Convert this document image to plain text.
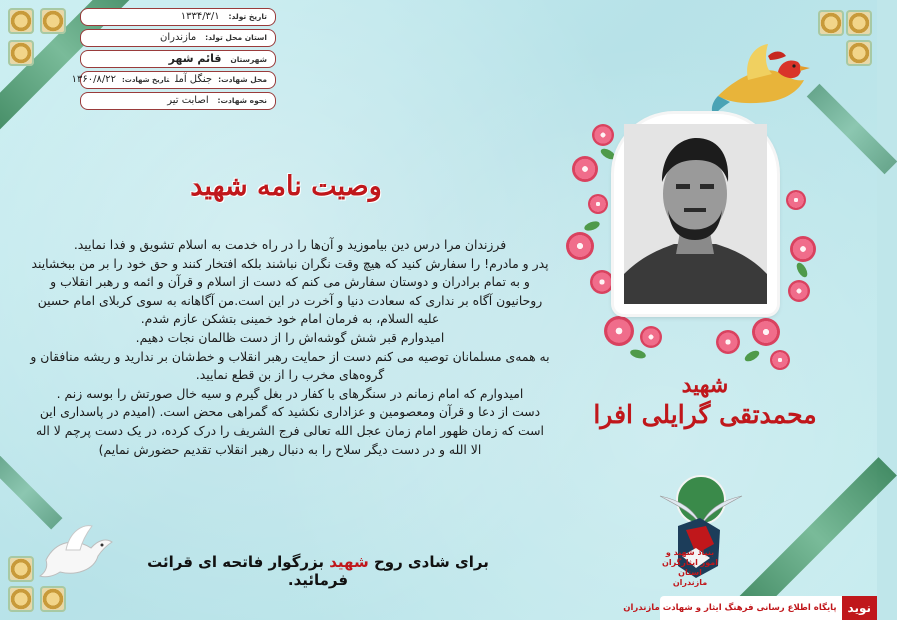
تاریخ تولد: ۱۳۳۴/۳/۱
استان محل تولد: مازندران
شهرستان قائم شهر
محل شهادت:جنگل آملتاریخ شهادت:۱۳۶۰/۸/۲۲
نحوه شهادت: اصابت تیر
وصیت نامه شهید

فرزندان مرا درس دین بیاموزید و آن‌ها را در راه خدمت به اسلام تشویق و فدا نمایید.

پدر و مادرم! را سفارش کنید که هیچ وقت نگران نباشند بلکه افتخار کنند و حق خود را بر من ببخشایند و به تمام برادران و دوستان سفارش می کنم که دست از اسلام و قرآن و ائمه و رهبر انقلاب و روحانیون آگاه بر ندارى که سعادت دنیا و آخرت در این است.من آگاهانه به سوی کربلای امام حسین علیه السلام، به فرمان امام خود خمینی بتشکن عازم شدم.

امیدوارم قبر شش گوشه‌اش را از دست ظالمان نجات دهیم.

به همه‌ی مسلمانان توصیه می کنم دست از حمایت رهبر انقلاب و خط‌شان بر ندارید و ریشه منافقان و گروه‌های مخرب را از بن قطع نمایید.

امیدوارم که امام زمانم در سنگرهای با کفار در بغل گیرم و سیه خال صورتش را بوسه زنم .

دست از دعا و قرآن ومعصومین و عزاداری نکشید که گمراهی محض است. (امیدم در پاسداری این است که زمان ظهور امام زمان عجل الله تعالی فرج الشریف را درک کرده، در یک دست پرچم لا اله الا الله و در دست دیگر سلاح را به دنبال رهبر انقلاب تقدیم حضورش نمایم)

برای شادی روح شهید بزرگوار فاتحه ای قرائت فرمائید.
شهید
محمدتقی گرایلی افرا
بنیاد شهید و امور ایثارگران استان مازندران
نوید
پایگاه اطلاع رسانی فرهنگ ایثار و شهادت مازندران
